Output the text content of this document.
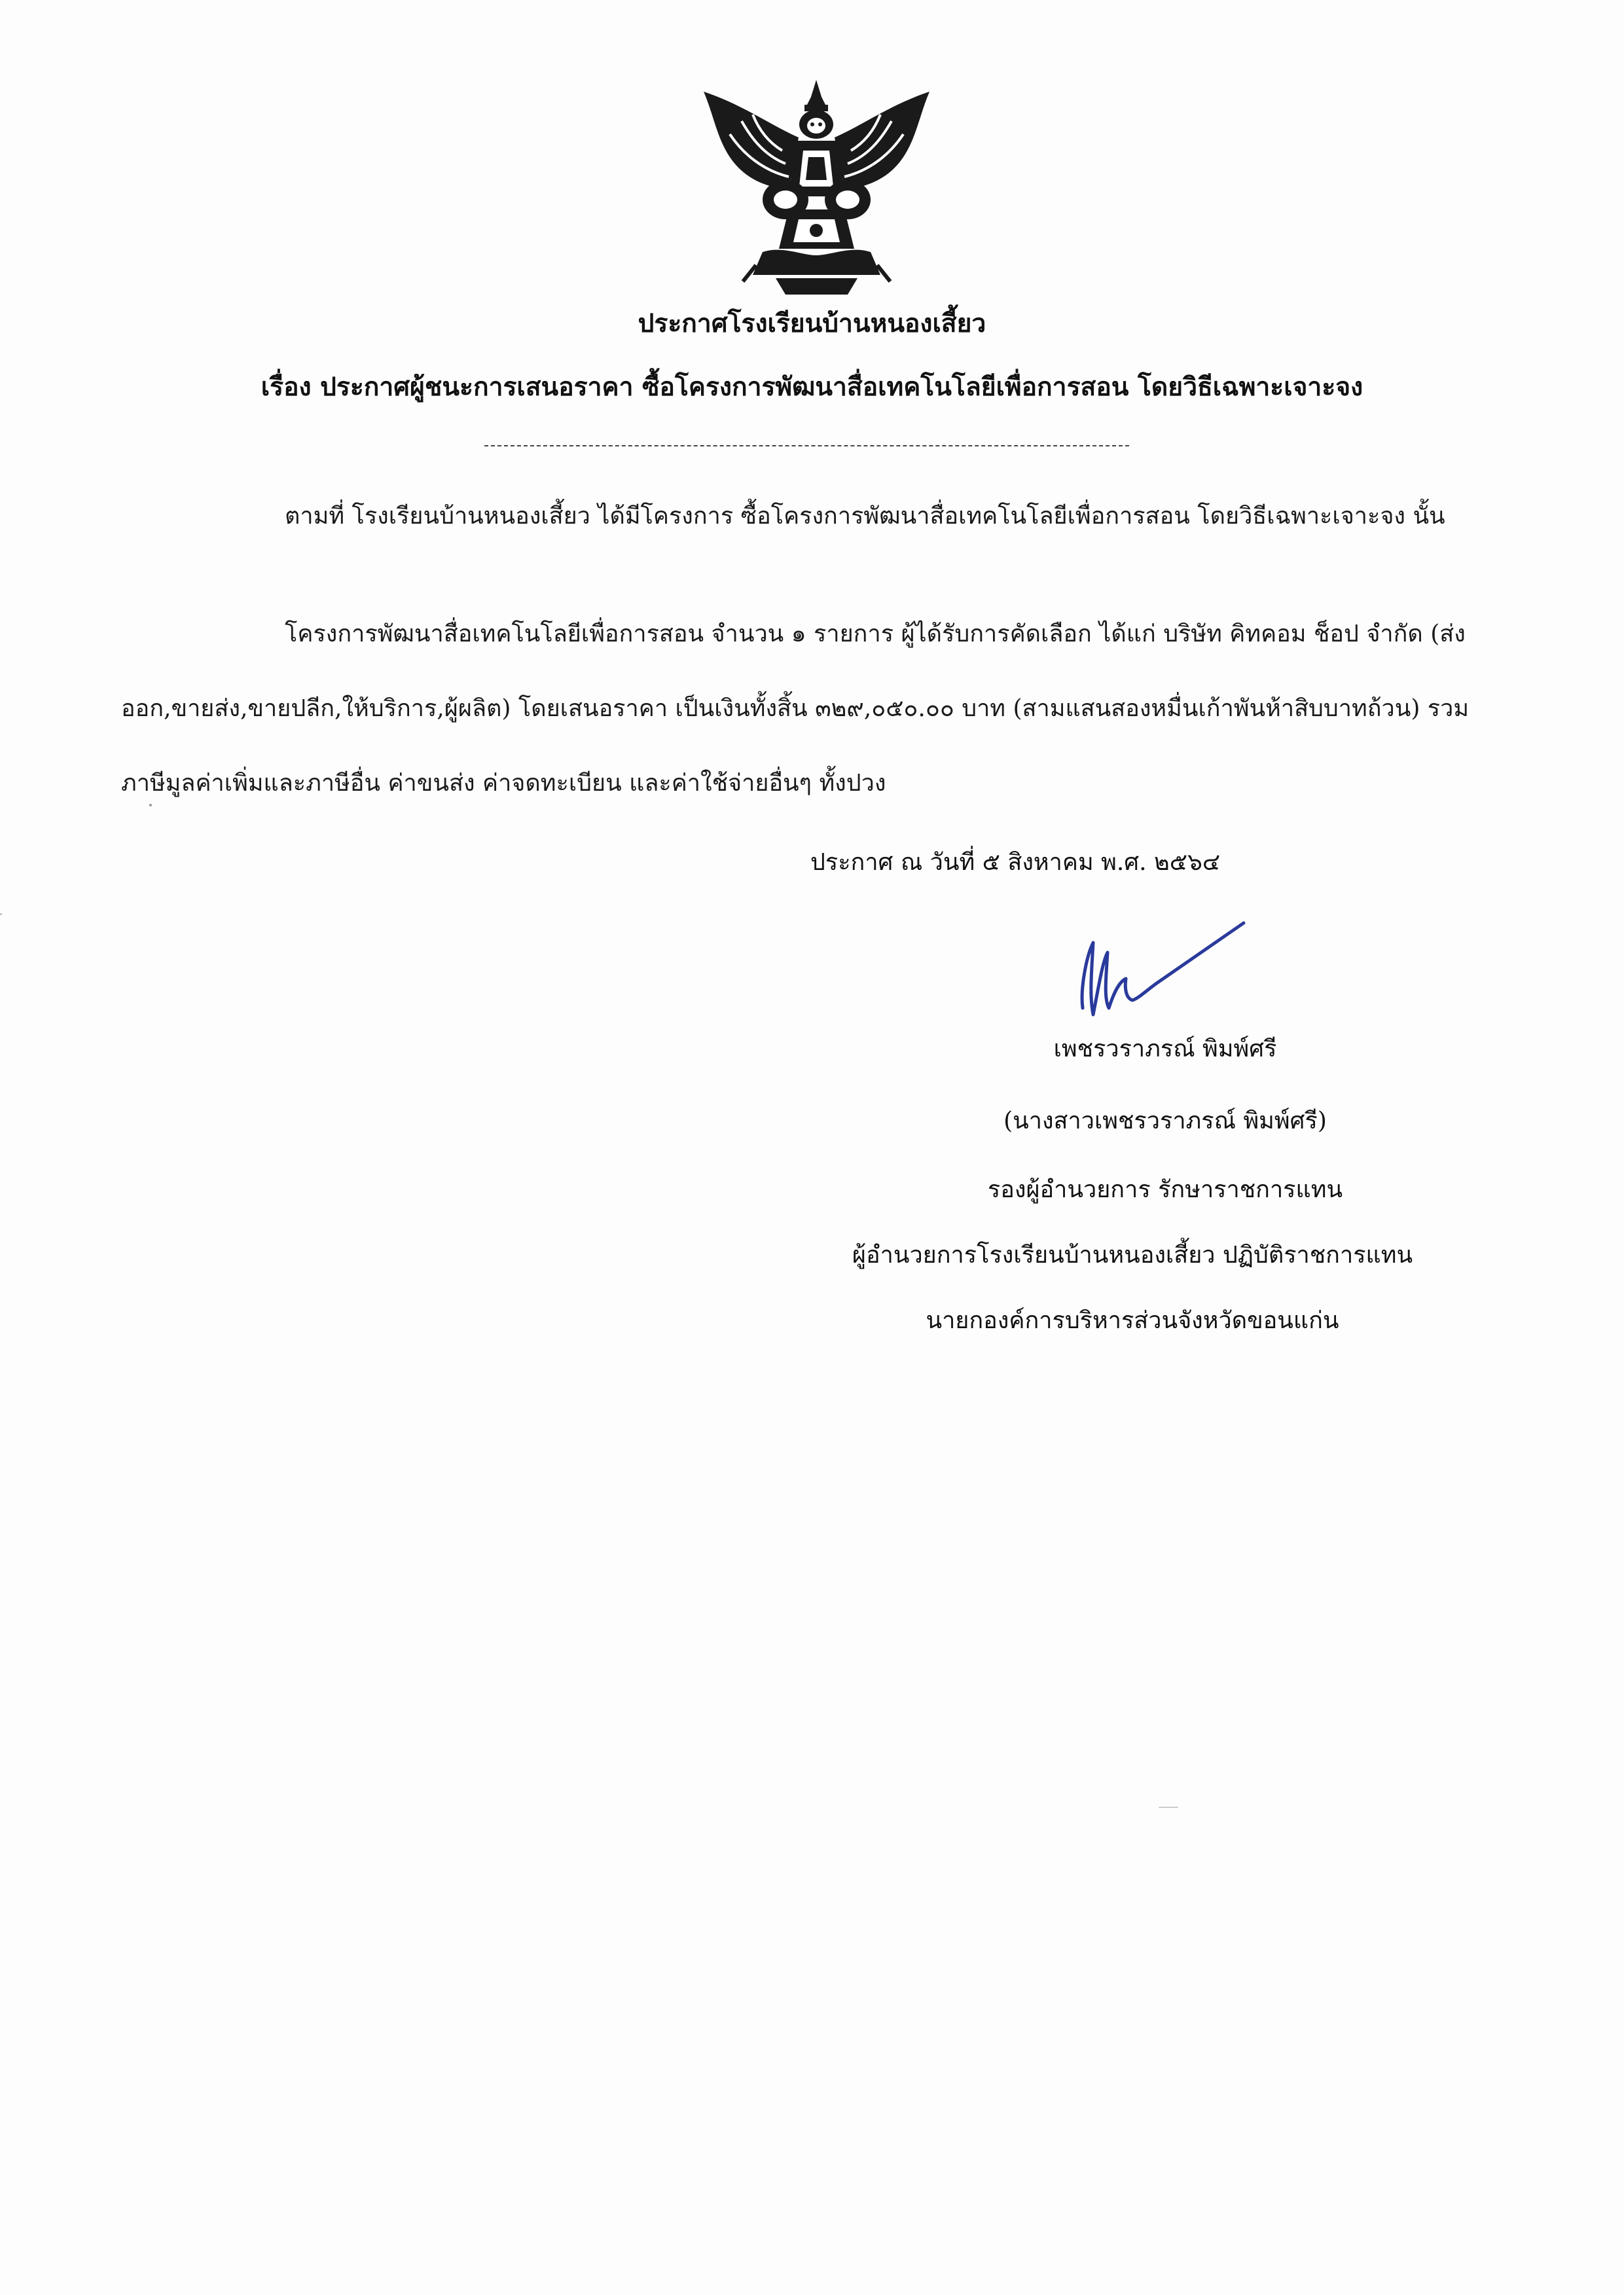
ประกาศโรงเรียนบ้านหนองเสี้ยว
เรื่อง ประกาศผู้ชนะการเสนอราคา ซื้อโครงการพัฒนาสื่อเทคโนโลยีเพื่อการสอน โดยวิธีเฉพาะเจาะจง
ตามที่ โรงเรียนบ้านหนองเสี้ยว ได้มีโครงการ ซื้อโครงการพัฒนาสื่อเทคโนโลยีเพื่อการสอน โดยวิธีเฉพาะเจาะจง นั้น
โครงการพัฒนาสื่อเทคโนโลยีเพื่อการสอน จำนวน ๑ รายการ ผู้ได้รับการคัดเลือก ได้แก่ บริษัท คิทคอม ช็อป จำกัด (ส่งออก,ขายส่ง,ขายปลีก,ให้บริการ,ผู้ผลิต) โดยเสนอราคา เป็นเงินทั้งสิ้น ๓๒๙,๐๕๐.๐๐ บาท (สามแสนสองหมื่นเก้าพันห้าสิบบาทถ้วน) รวมภาษีมูลค่าเพิ่มและภาษีอื่น ค่าขนส่ง ค่าจดทะเบียน และค่าใช้จ่ายอื่นๆ ทั้งปวง
ประกาศ ณ วันที่ ๕ สิงหาคม พ.ศ. ๒๕๖๔
เพชรวราภรณ์ พิมพ์ศรี
(นางสาวเพชรวราภรณ์ พิมพ์ศรี)
รองผู้อำนวยการ รักษาราชการแทน
ผู้อำนวยการโรงเรียนบ้านหนองเสี้ยว ปฏิบัติราชการแทน
นายกองค์การบริหารส่วนจังหวัดขอนแก่น
